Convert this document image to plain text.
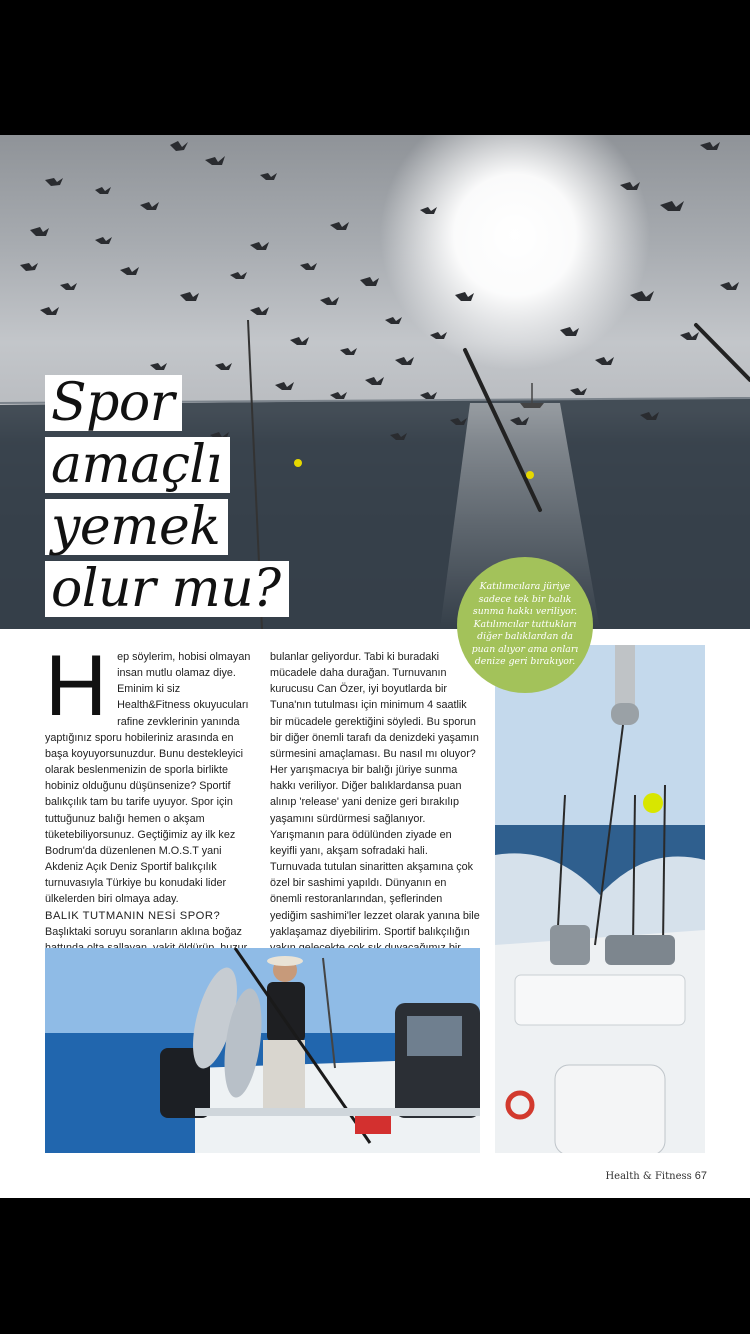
Spor
amaçlı
yemek
olur mu?	Katılımcılara jüriye sadece tek bir balık sunma hakkı veriliyor. Katılımcılar tuttukları diğer balıklardan da puan alıyor ama onları denize geri bırakıyor.
H ep söylerim, hobisi olmayan insan mutlu olamaz diye. Eminim ki siz Health&Fitness okuyucuları rafine zevklerinin yanında yaptığınız sporu hobileriniz arasında en başa koyuyorsunuzdur. Bunu destekleyici olarak beslenmenizin de sporla birlikte hobiniz olduğunu düşünsenize? Sportif balıkçılık tam bu tarife uyuyor. Spor için tuttuğunuz balığı hemen o akşam tüketebiliyorsunuz. Geçtiğimiz ay ilk kez Bodrum'da düzenlenen M.O.S.T yani Akdeniz Açık Deniz Sportif balıkçılık turnuvasıyla Türkiye bu konudaki lider ülkelerden biri olmaya aday.

BALIK TUTMANIN NESİ SPOR?

Başlıktaki soruyu soranların aklına boğaz

bulanlar geliyordur. Tabi ki buradaki mücadele daha durağan. Turnuvanın kurucusu Can Özer, iyi boyutlarda bir Tuna'nın tutulması için minimum 4 saatlik bir mücadele gerektiğini söyledi. Bu sporun bir diğer önemli tarafı da denizdeki yaşamın sürmesini amaçlaması. Bu nasıl mı oluyor? Her yarışmacıya bir balığı jüriye sunma hakkı veriliyor. Diğer balıklardansa puan alınıp 'release' yani denize geri bırakılıp yaşamını sürdürmesi sağlanıyor. Yarışmanın para ödülünden ziyade en keyifli yanı, akşam sofradaki hali. Turnuvada tutulan sinaritten akşamına çok özel bir sashimi yapıldı. Dünyanın en önemli restoranlarından, şeflerinden yediğim sashimi'ler lezzet olarak yanına bile yaklaşamaz diyebilirim. Sportif balıkçılığın

Health & Fitness 67
